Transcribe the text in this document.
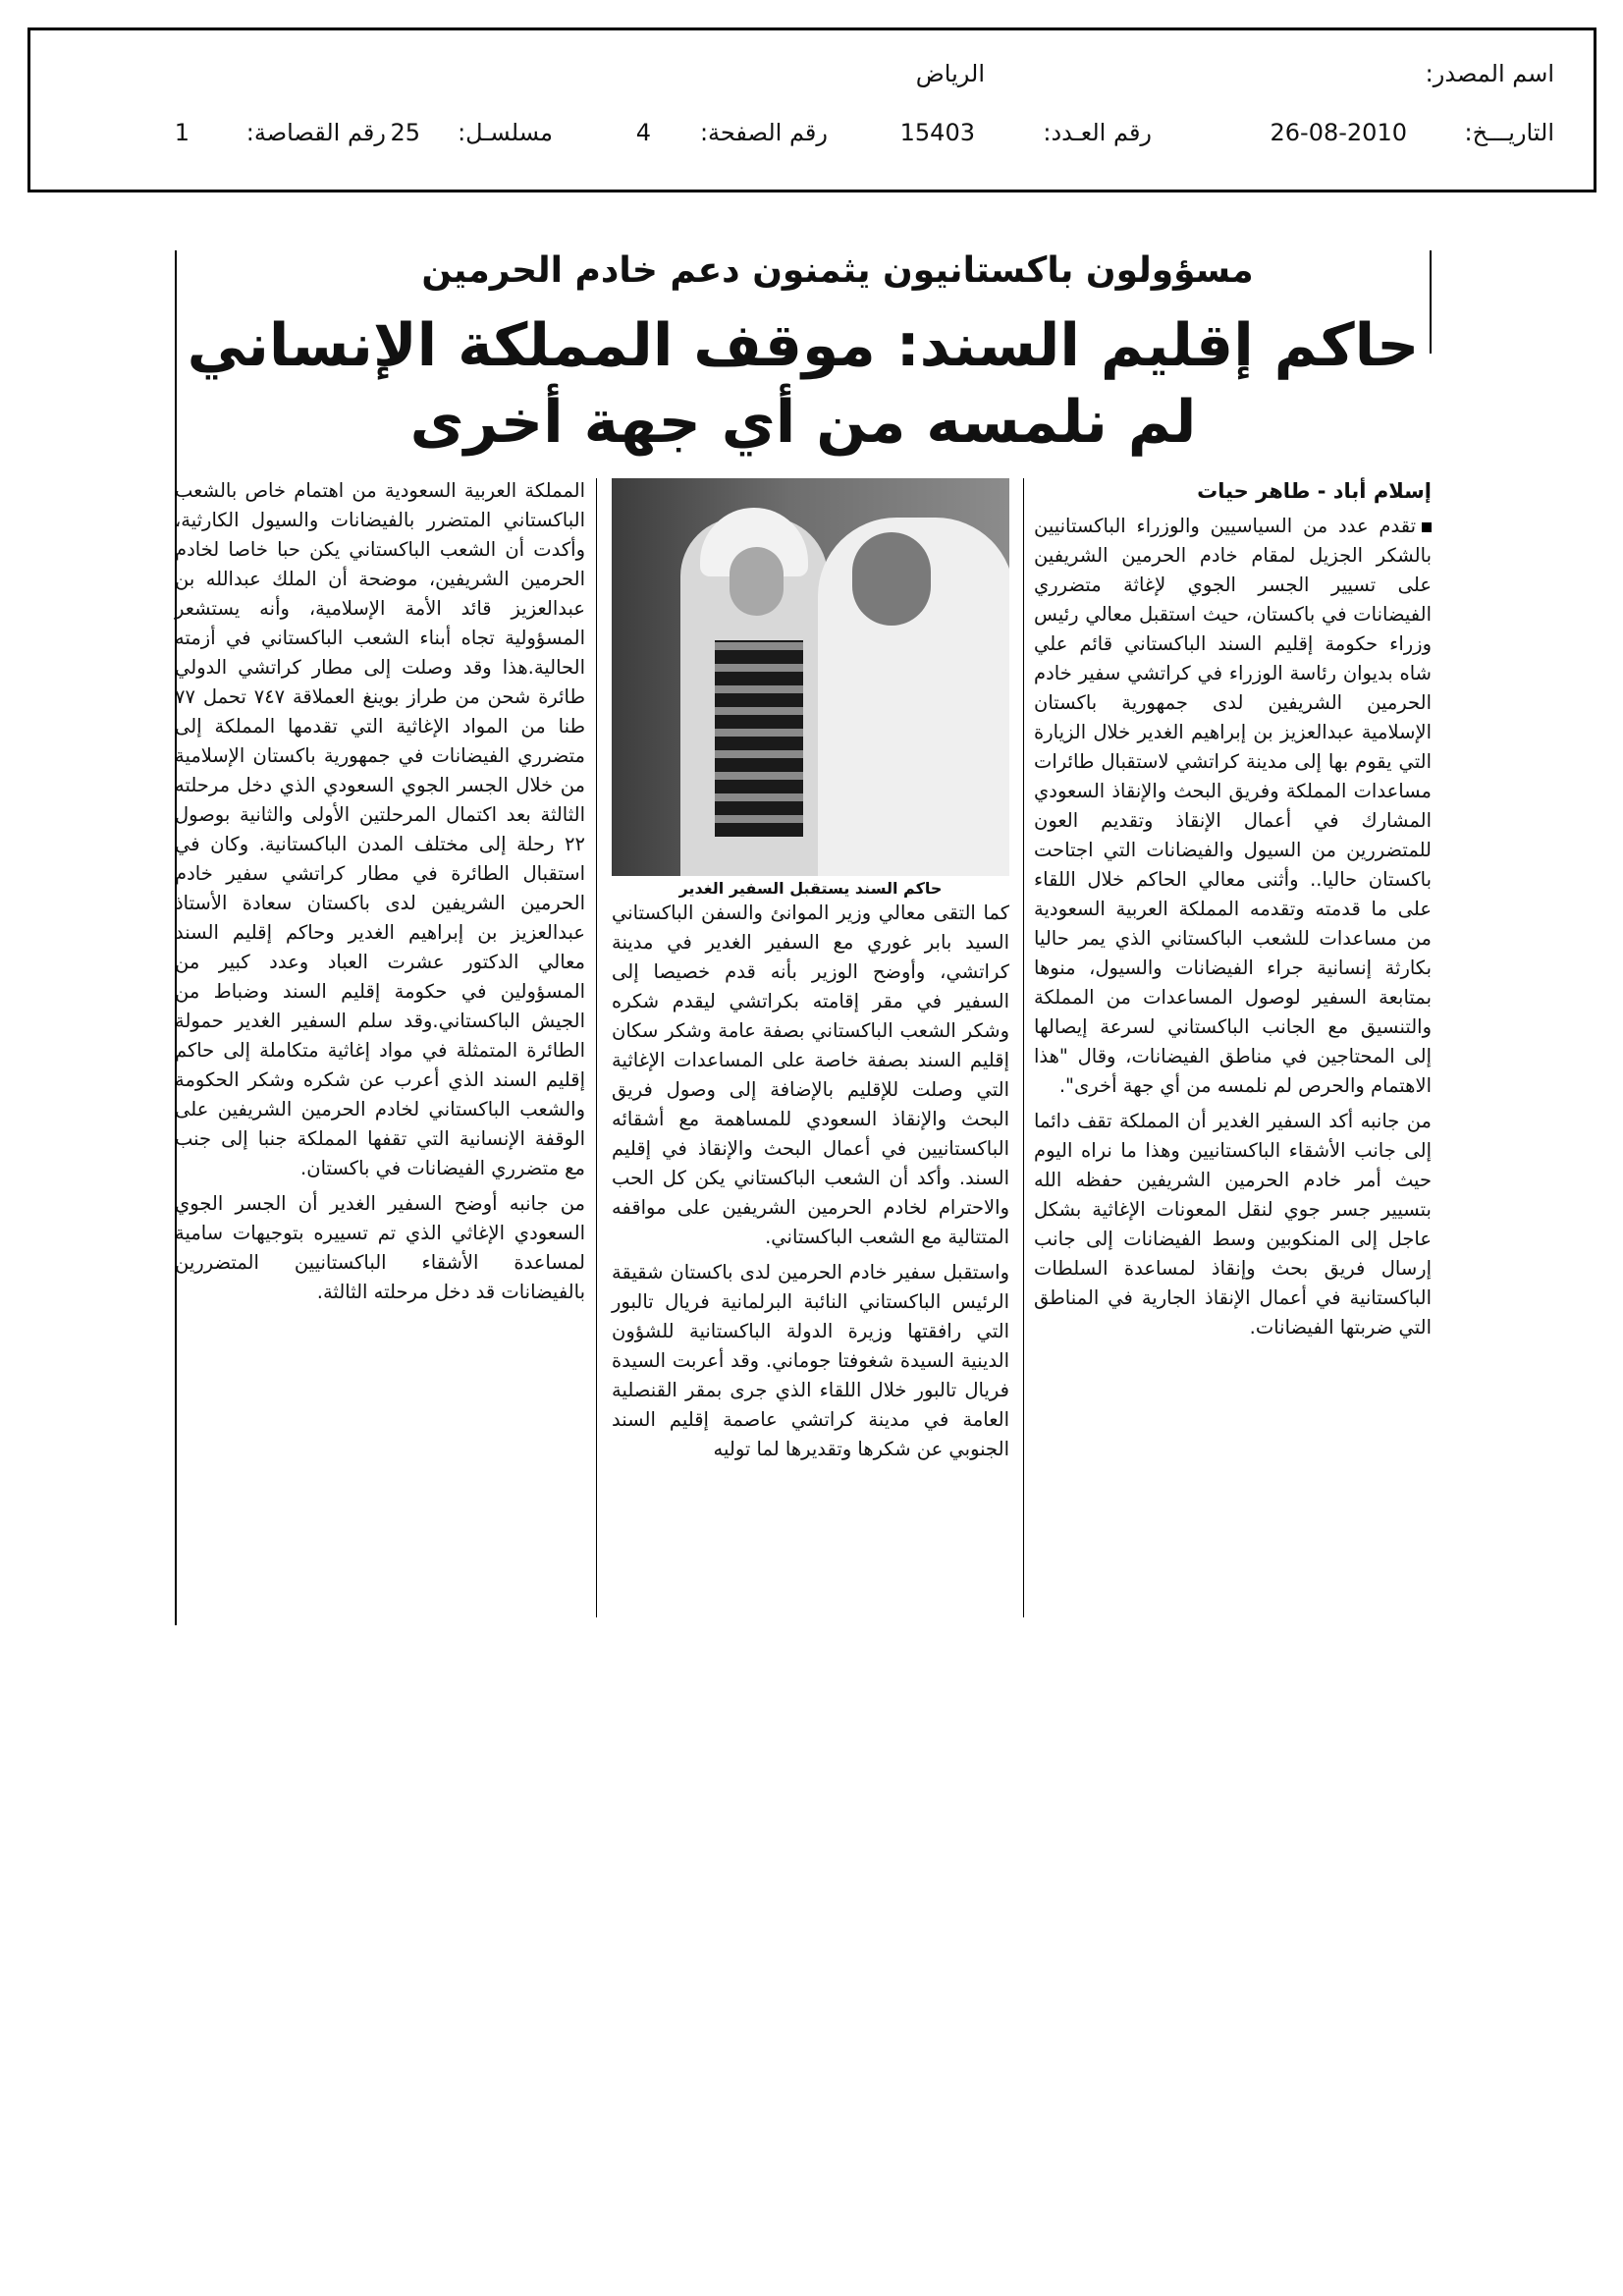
اسم المصدر:
الرياض
التاريـــخ:
26-08-2010
رقم العـدد:
15403
رقم الصفحة:
4
مسلسـل:
25
رقم القصاصة:
1
مسؤولون باكستانيون يثمنون دعم خادم الحرمين
حاكم إقليم السند: موقف المملكة الإنساني لم نلمسه من أي جهة أخرى
إسلام أباد - طاهر حيات

تقدم عدد من السياسيين والوزراء الباكستانيين بالشكر الجزيل لمقام خادم الحرمين الشريفين على تسيير الجسر الجوي لإغاثة متضرري الفيضانات في باكستان، حيث استقبل معالي رئيس وزراء حكومة إقليم السند الباكستاني قائم علي شاه بديوان رئاسة الوزراء في كراتشي سفير خادم الحرمين الشريفين لدى جمهورية باكستان الإسلامية عبدالعزيز بن إبراهيم الغدير خلال الزيارة التي يقوم بها إلى مدينة كراتشي لاستقبال طائرات مساعدات المملكة وفريق البحث والإنقاذ السعودي المشارك في أعمال الإنقاذ وتقديم العون للمتضررين من السيول والفيضانات التي اجتاحت باكستان حاليا.. وأثنى معالي الحاكم خلال اللقاء على ما قدمته وتقدمه المملكة العربية السعودية من مساعدات للشعب الباكستاني الذي يمر حاليا بكارثة إنسانية جراء الفيضانات والسيول، منوها بمتابعة السفير لوصول المساعدات من المملكة والتنسيق مع الجانب الباكستاني لسرعة إيصالها إلى المحتاجين في مناطق الفيضانات، وقال "هذا الاهتمام والحرص لم نلمسه من أي جهة أخرى".

من جانبه أكد السفير الغدير أن المملكة تقف دائما إلى جانب الأشقاء الباكستانيين وهذا ما نراه اليوم حيث أمر خادم الحرمين الشريفين حفظه الله بتسيير جسر جوي لنقل المعونات الإغاثية بشكل عاجل إلى المنكوبين وسط الفيضانات إلى جانب إرسال فريق بحث وإنقاذ لمساعدة السلطات الباكستانية في أعمال الإنقاذ الجارية في المناطق التي ضربتها الفيضانات.

حاكم السند يستقبل السفير الغدير

كما التقى معالي وزير الموانئ والسفن الباكستاني السيد بابر غوري مع السفير الغدير في مدينة كراتشي، وأوضح الوزير بأنه قدم خصيصا إلى السفير في مقر إقامته بكراتشي ليقدم شكره وشكر الشعب الباكستاني بصفة عامة وشكر سكان إقليم السند بصفة خاصة على المساعدات الإغاثية التي وصلت للإقليم بالإضافة إلى وصول فريق البحث والإنقاذ السعودي للمساهمة مع أشقائه الباكستانيين في أعمال البحث والإنقاذ في إقليم السند. وأكد أن الشعب الباكستاني يكن كل الحب والاحترام لخادم الحرمين الشريفين على مواقفه المتتالية مع الشعب الباكستاني.

واستقبل سفير خادم الحرمين لدى باكستان شقيقة الرئيس الباكستاني النائبة البرلمانية فريال تالبور التي رافقتها وزيرة الدولة الباكستانية للشؤون الدينية السيدة شغوفتا جوماني. وقد أعربت السيدة فريال تالبور خلال اللقاء الذي جرى بمقر القنصلية العامة في مدينة كراتشي عاصمة إقليم السند الجنوبي عن شكرها وتقديرها لما توليه

المملكة العربية السعودية من اهتمام خاص بالشعب الباكستاني المتضرر بالفيضانات والسيول الكارثية، وأكدت أن الشعب الباكستاني يكن حبا خاصا لخادم الحرمين الشريفين، موضحة أن الملك عبدالله بن عبدالعزيز قائد الأمة الإسلامية، وأنه يستشعر المسؤولية تجاه أبناء الشعب الباكستاني في أزمته الحالية.هذا وقد وصلت إلى مطار كراتشي الدولي طائرة شحن من طراز بوينغ العملاقة ٧٤٧ تحمل ٧٧ طنا من المواد الإغاثية التي تقدمها المملكة إلى متضرري الفيضانات في جمهورية باكستان الإسلامية من خلال الجسر الجوي السعودي الذي دخل مرحلته الثالثة بعد اكتمال المرحلتين الأولى والثانية بوصول ٢٢ رحلة إلى مختلف المدن الباكستانية. وكان في استقبال الطائرة في مطار كراتشي سفير خادم الحرمين الشريفين لدى باكستان سعادة الأستاذ عبدالعزيز بن إبراهيم الغدير وحاكم إقليم السند معالي الدكتور عشرت العباد وعدد كبير من المسؤولين في حكومة إقليم السند وضباط من الجيش الباكستاني.وقد سلم السفير الغدير حمولة الطائرة المتمثلة في مواد إغاثية متكاملة إلى حاكم إقليم السند الذي أعرب عن شكره وشكر الحكومة والشعب الباكستاني لخادم الحرمين الشريفين على الوقفة الإنسانية التي تقفها المملكة جنبا إلى جنب مع متضرري الفيضانات في باكستان.

من جانبه أوضح السفير الغدير أن الجسر الجوي السعودي الإغاثي الذي تم تسييره بتوجيهات سامية لمساعدة الأشقاء الباكستانيين المتضررين بالفيضانات قد دخل مرحلته الثالثة.
